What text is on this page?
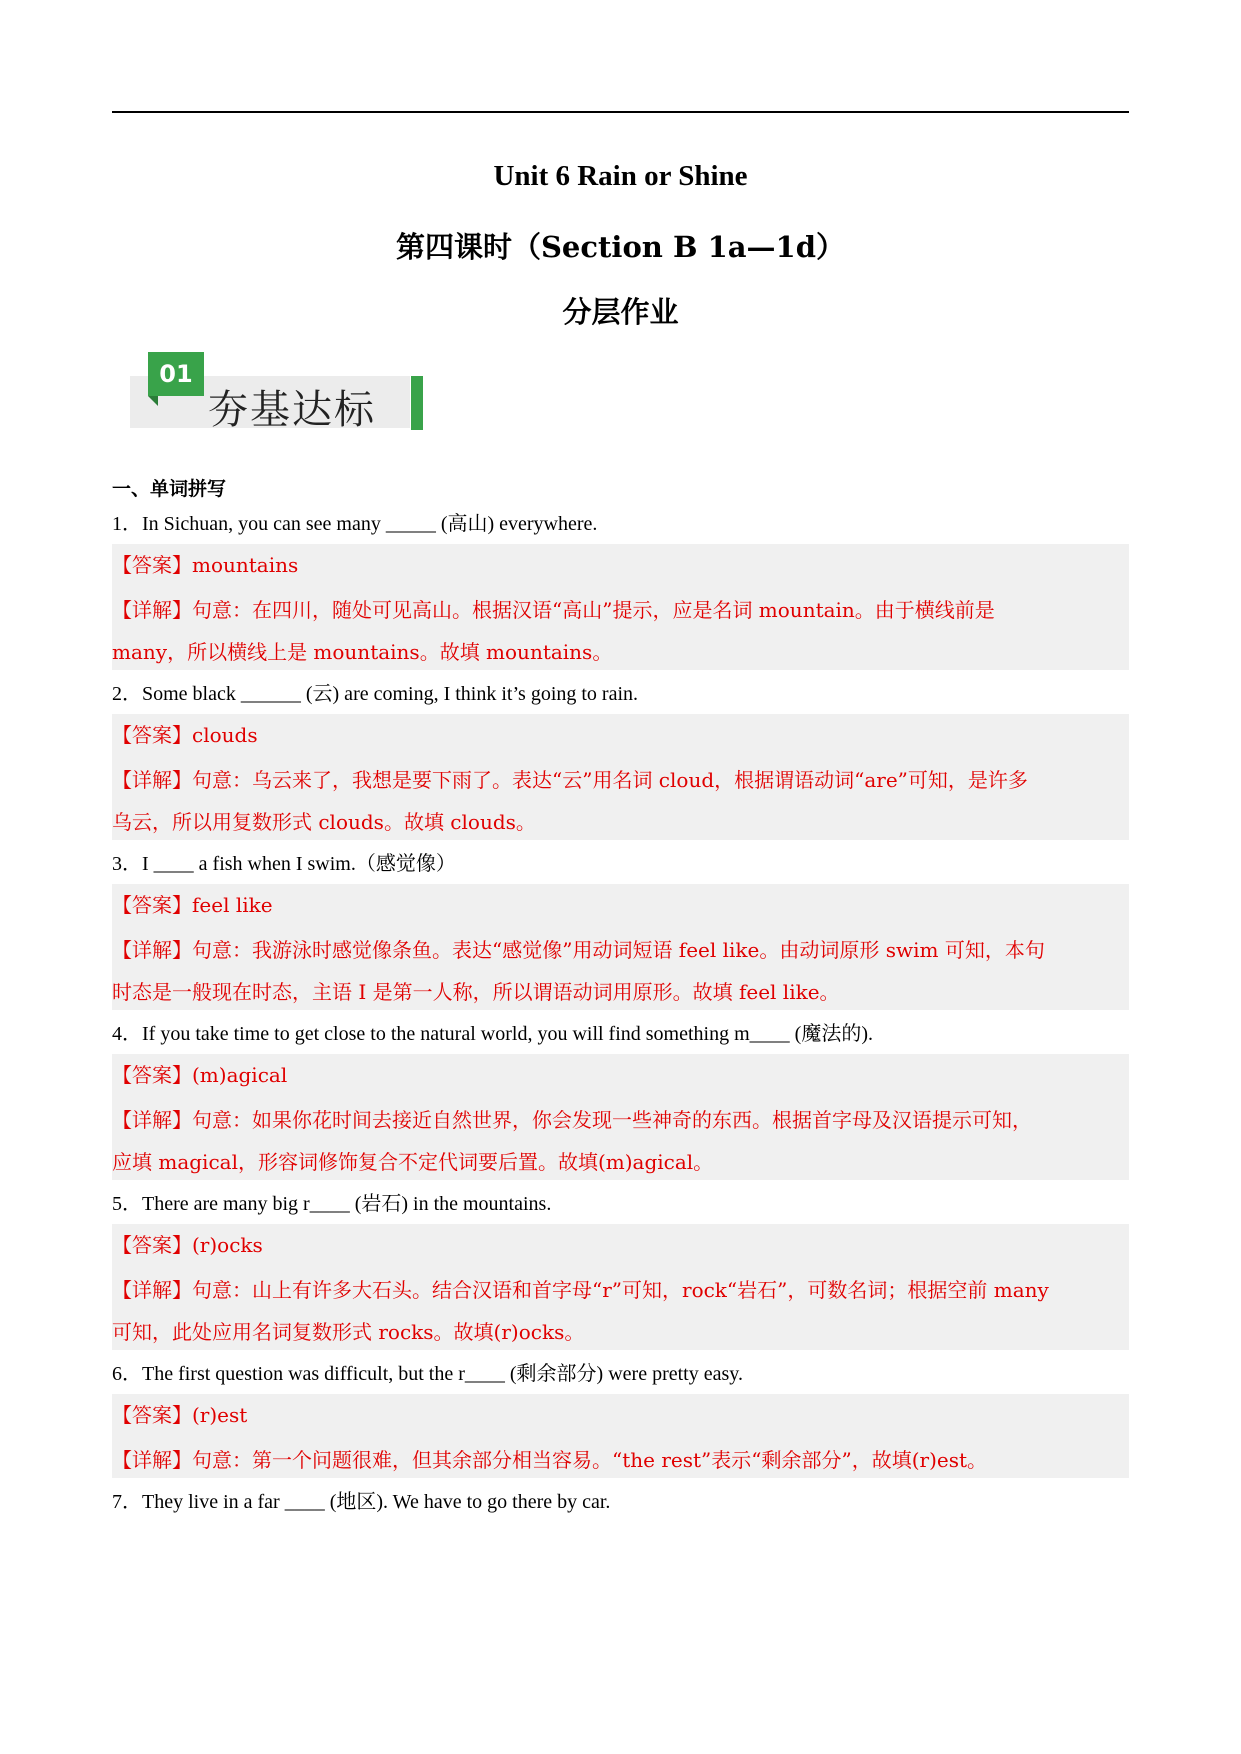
Unit 6 Rain or Shine
第四课时（Section B 1a—1d）
分层作业
01
夯基达标
一、单词拼写
1．In Sichuan, you can see many _____ (高山) everywhere.
【答案】mountains
【详解】句意：在四川，随处可见高山。根据汉语“高山”提示，应是名词 mountain。由于横线前是
many，所以横线上是 mountains。故填 mountains。
2．Some black ______ (云) are coming, I think it’s going to rain.
【答案】clouds
【详解】句意：乌云来了，我想是要下雨了。表达“云”用名词 cloud，根据谓语动词“are”可知，是许多
乌云，所以用复数形式 clouds。故填 clouds。
3．I ____ a fish when I swim.（感觉像）
【答案】feel like
【详解】句意：我游泳时感觉像条鱼。表达“感觉像”用动词短语 feel like。由动词原形 swim 可知，本句
时态是一般现在时态，主语 I 是第一人称，所以谓语动词用原形。故填 feel like。
4．If you take time to get close to the natural world, you will find something m____ (魔法的).
【答案】(m)agical
【详解】句意：如果你花时间去接近自然世界，你会发现一些神奇的东西。根据首字母及汉语提示可知，
应填 magical，形容词修饰复合不定代词要后置。故填(m)agical。
5．There are many big r____ (岩石) in the mountains.
【答案】(r)ocks
【详解】句意：山上有许多大石头。结合汉语和首字母“r”可知，rock“岩石”，可数名词；根据空前 many
可知，此处应用名词复数形式 rocks。故填(r)ocks。
6．The first question was difficult, but the r____ (剩余部分) were pretty easy.
【答案】(r)est
【详解】句意：第一个问题很难，但其余部分相当容易。“the rest”表示“剩余部分”，故填(r)est。
7．They live in a far ____ (地区). We have to go there by car.
